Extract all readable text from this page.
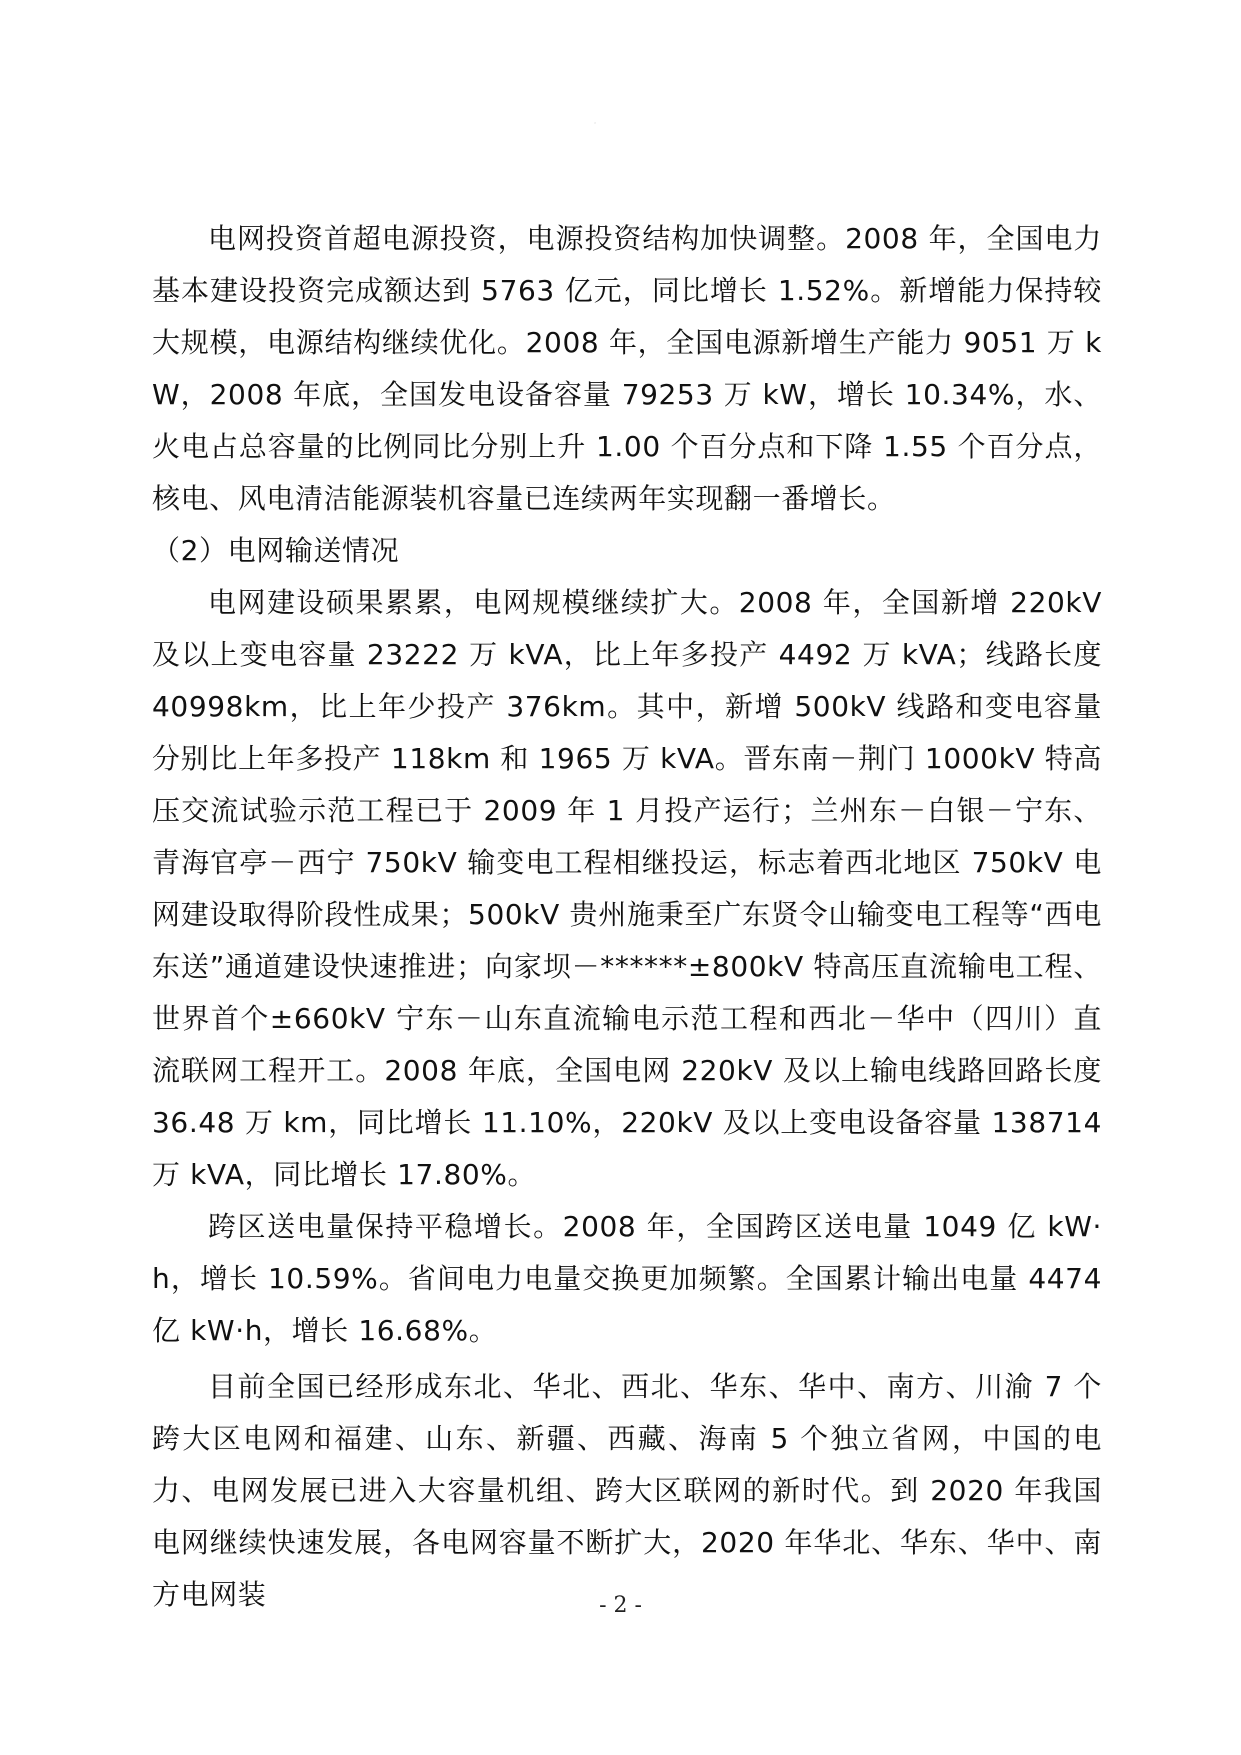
″

电网投资首超电源投资，电源投资结构加快调整。2008 年，全国电力基本建设投资完成额达到 5763 亿元，同比增长 1.52%。新增能力保持较大规模，电源结构继续优化。2008 年，全国电源新增生产能力 9051 万 kW，2008 年底，全国发电设备容量 79253 万 kW，增长 10.34%，水、火电占总容量的比例同比分别上升 1.00 个百分点和下降 1.55 个百分点，核电、风电清洁能源装机容量已连续两年实现翻一番增长。

（2）电网输送情况

电网建设硕果累累，电网规模继续扩大。2008 年，全国新增 220kV 及以上变电容量 23222 万 kVA，比上年多投产 4492 万 kVA；线路长度 40998km，比上年少投产 376km。其中，新增 500kV 线路和变电容量分别比上年多投产 118km 和 1965 万 kVA。晋东南－荆门 1000kV 特高压交流试验示范工程已于 2009 年 1 月投产运行；兰州东－白银－宁东、青海官亭－西宁 750kV 输变电工程相继投运，标志着西北地区 750kV 电网建设取得阶段性成果；500kV 贵州施秉至广东贤令山输变电工程等“西电东送”通道建设快速推进；向家坝－******±800kV 特高压直流输电工程、世界首个±660kV 宁东－山东直流输电示范工程和西北－华中（四川）直流联网工程开工。2008 年底，全国电网 220kV 及以上输电线路回路长度 36.48 万 km，同比增长 11.10%，220kV 及以上变电设备容量 138714 万 kVA，同比增长 17.80%。

跨区送电量保持平稳增长。2008 年，全国跨区送电量 1049 亿 kW·h，增长 10.59%。省间电力电量交换更加频繁。全国累计输出电量 4474 亿 kW·h，增长 16.68%。

目前全国已经形成东北、华北、西北、华东、华中、南方、川渝 7 个跨大区电网和福建、山东、新疆、西藏、海南 5 个独立省网，中国的电力、电网发展已进入大容量机组、跨大区联网的新时代。到 2020 年我国电网继续快速发展，各电网容量不断扩大，2020 年华北、华东、华中、南方电网装	- 2 -
